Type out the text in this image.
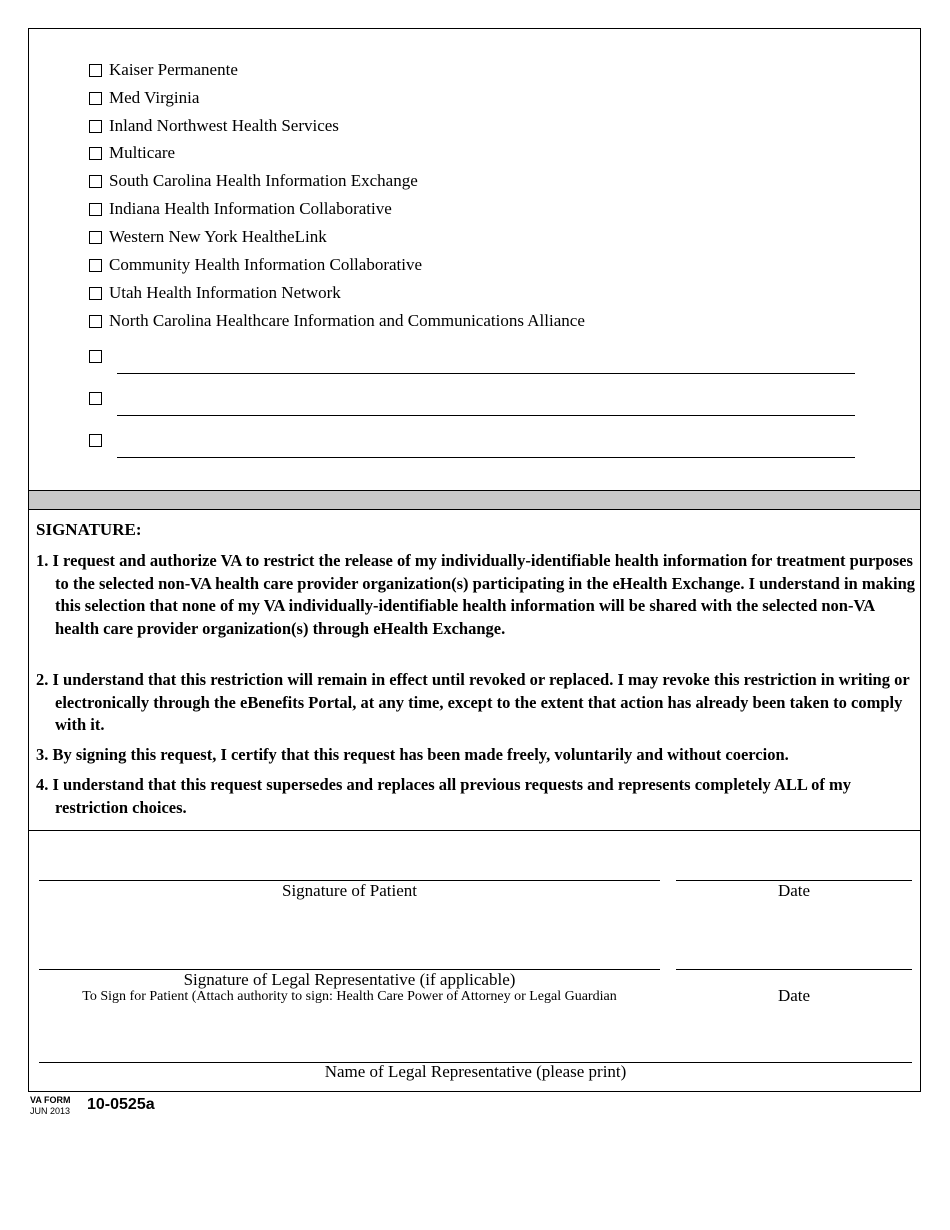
Kaiser Permanente
Med Virginia
Inland Northwest Health Services
Multicare
South Carolina Health Information Exchange
Indiana Health Information Collaborative
Western New York HealtheLink
Community Health Information Collaborative
Utah Health Information Network
North Carolina Healthcare Information and Communications Alliance
SIGNATURE:
1. I request and authorize VA to restrict the release of my individually-identifiable health information for treatment purposes to the selected non-VA health care provider organization(s) participating in the eHealth Exchange. I understand in making this selection that none of my VA individually-identifiable health information will be shared with the selected non-VA health care provider organization(s) through eHealth Exchange.
2. I understand that this restriction will remain in effect until revoked or replaced. I may revoke this restriction in writing or electronically through the eBenefits Portal, at any time, except to the extent that action has already been taken to comply with it.
3. By signing this request, I certify that this request has been made freely, voluntarily and without coercion.
4. I understand that this request supersedes and replaces all previous requests and represents completely ALL of my restriction choices.
Signature of Patient	Date
Signature of Legal Representative (if applicable)
To Sign for Patient (Attach authority to sign: Health Care Power of Attorney or Legal Guardian	Date
Name of Legal Representative (please print)
VA FORM
JUN 2013 10-0525a
